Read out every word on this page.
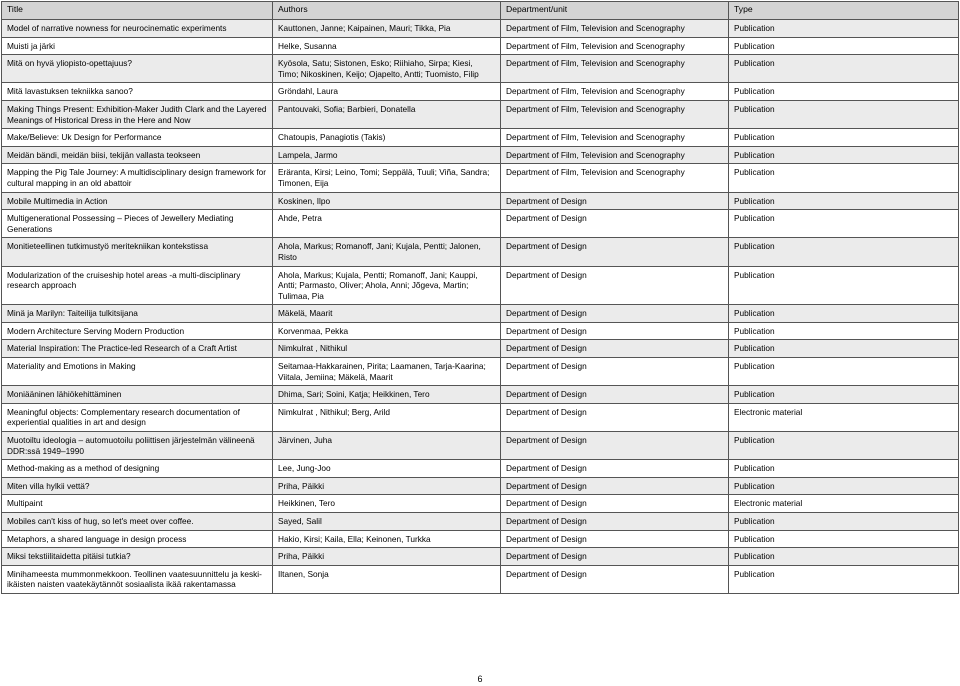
Title	Authors	Department/unit	Type
Model of narrative nowness for neurocinematic experiments	Kauttonen, Janne; Kaipainen, Mauri; Tikka, Pia	Department of Film, Television and Scenography	Publication
Muisti ja järki	Helke, Susanna	Department of Film, Television and Scenography	Publication
Mitä on hyvä yliopisto-opettajuus?	Kyösola, Satu; Sistonen, Esko; Riihiaho, Sirpa; Kiesi, Timo; Nikoskinen, Keijo; Ojapelto, Antti; Tuomisto, Filip	Department of Film, Television and Scenography	Publication
Mitä lavastuksen tekniikka sanoo?	Gröndahl, Laura	Department of Film, Television and Scenography	Publication
Making Things Present: Exhibition-Maker Judith Clark and the Layered Meanings of Historical Dress in the Here and Now	Pantouvaki, Sofia; Barbieri, Donatella	Department of Film, Television and Scenography	Publication
Make/Believe: Uk Design for Performance	Chatoupis, Panagiotis (Takis)	Department of Film, Television and Scenography	Publication
Meidän bändi, meidän biisi, tekijän vallasta teokseen	Lampela, Jarmo	Department of Film, Television and Scenography	Publication
Mapping the Pig Tale Journey: A multidisciplinary design framework for cultural mapping in an old abattoir	Eräranta, Kirsi; Leino, Tomi; Seppälä, Tuuli; Viña, Sandra; Timonen, Eija	Department of Film, Television and Scenography	Publication
Mobile Multimedia in Action	Koskinen, Ilpo	Department of Design	Publication
Multigenerational Possessing – Pieces of Jewellery Mediating Generations	Ahde, Petra	Department of Design	Publication
Monitieteellinen tutkimustyö meritekniikan kontekstissa	Ahola, Markus; Romanoff, Jani; Kujala, Pentti; Jalonen, Risto	Department of Design	Publication
Modularization of the cruiseship hotel areas -a multi-disciplinary research approach	Ahola, Markus; Kujala, Pentti; Romanoff, Jani; Kauppi, Antti; Parmasto, Oliver; Ahola, Anni; Jõgeva, Martin; Tulimaa, Pia	Department of Design	Publication
Minä ja Marilyn: Taiteilija tulkitsijana	Mäkelä, Maarit	Department of Design	Publication
Modern Architecture Serving Modern Production	Korvenmaa, Pekka	Department of Design	Publication
Material Inspiration: The Practice-led Research of a Craft Artist	Nimkulrat , Nithikul	Department of Design	Publication
Materiality and Emotions in Making	Seitamaa-Hakkarainen, Pirita; Laamanen, Tarja-Kaarina; Viitala, Jemiina; Mäkelä, Maarit	Department of Design	Publication
Moniääninen lähiökehittäminen	Dhima, Sari; Soini, Katja; Heikkinen, Tero	Department of Design	Publication
Meaningful objects: Complementary research documentation of experiential qualities in art and design	Nimkulrat , Nithikul; Berg, Arild	Department of Design	Electronic material
Muotoiltu ideologia – automuotoilu poliittisen järjestelmän välineenä DDR:ssä 1949–1990	Järvinen, Juha	Department of Design	Publication
Method-making as a method of designing	Lee, Jung-Joo	Department of Design	Publication
Miten villa hylkii vettä?	Priha, Päikki	Department of Design	Publication
Multipaint	Heikkinen, Tero	Department of Design	Electronic material
Mobiles can't kiss of hug, so let's meet over coffee.	Sayed, Salil	Department of Design	Publication
Metaphors, a shared language in design process	Hakio, Kirsi; Kaila, Ella; Keinonen, Turkka	Department of Design	Publication
Miksi tekstiilitaidetta pitäisi tutkia?	Priha, Päikki	Department of Design	Publication
Minihameesta mummonmekkoon. Teollinen vaatesuunnittelu ja keski-ikäisten naisten vaatekäytännöt sosiaalista ikää rakentamassa	Iltanen, Sonja	Department of Design	Publication
6
